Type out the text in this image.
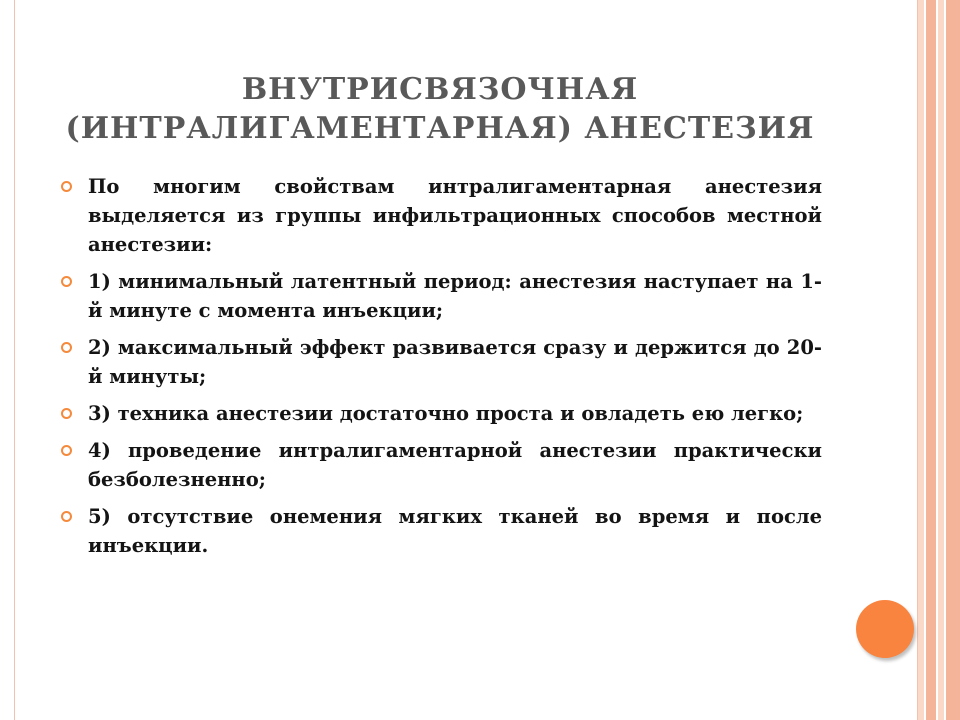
ВНУТРИСВЯЗОЧНАЯ
(ИНТРАЛИГАМЕНТАРНАЯ) АНЕСТЕЗИЯ
По многим свойствам интралигаментарная анестезия выделяется из группы инфильтрационных способов местной анестезии:
1) минимальный латентный период: анестезия наступает на 1-й минуте с момента инъекции;
2) максимальный эффект развивается сразу и держится до 20-й минуты;
3) техника анестезии достаточно проста и овладеть ею легко;
4) проведение интралигаментарной анестезии практически безболезненно;
5) отсутствие онемения мягких тканей во время и после инъекции.
